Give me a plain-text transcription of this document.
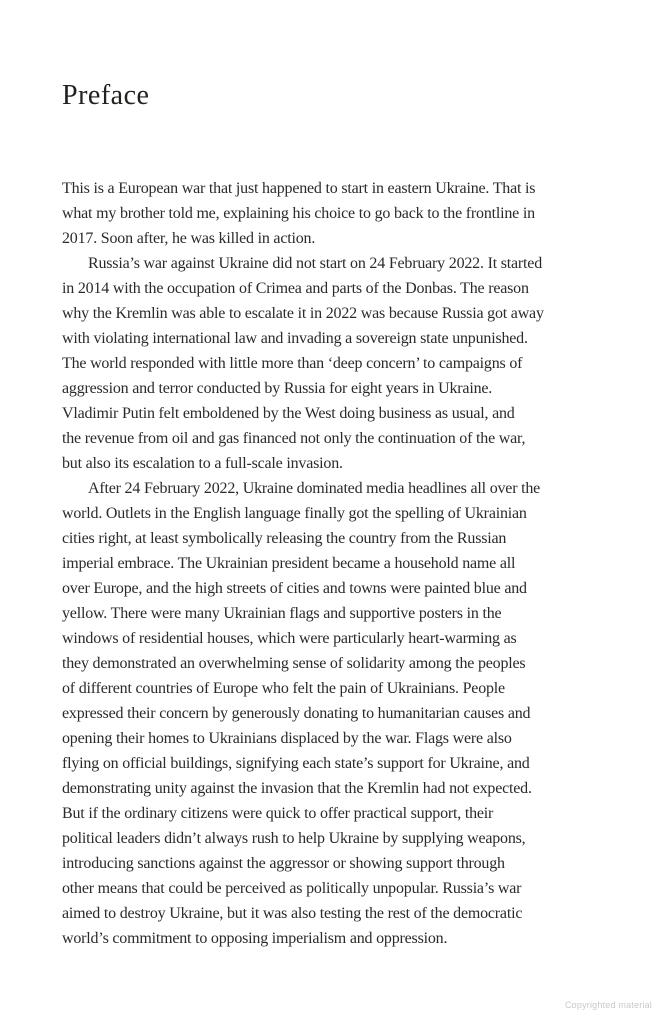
Preface
This is a European war that just happened to start in eastern Ukraine. That is
what my brother told me, explaining his choice to go back to the frontline in
2017. Soon after, he was killed in action.
Russia’s war against Ukraine did not start on 24 February 2022. It started
in 2014 with the occupation of Crimea and parts of the Donbas. The reason
why the Kremlin was able to escalate it in 2022 was because Russia got away
with violating international law and invading a sovereign state unpunished.
The world responded with little more than ‘deep concern’ to campaigns of
aggression and terror conducted by Russia for eight years in Ukraine.
Vladimir Putin felt emboldened by the West doing business as usual, and
the revenue from oil and gas financed not only the continuation of the war,
but also its escalation to a full-scale invasion.
After 24 February 2022, Ukraine dominated media headlines all over the
world. Outlets in the English language finally got the spelling of Ukrainian
cities right, at least symbolically releasing the country from the Russian
imperial embrace. The Ukrainian president became a household name all
over Europe, and the high streets of cities and towns were painted blue and
yellow. There were many Ukrainian flags and supportive posters in the
windows of residential houses, which were particularly heart-warming as
they demonstrated an overwhelming sense of solidarity among the peoples
of different countries of Europe who felt the pain of Ukrainians. People
expressed their concern by generously donating to humanitarian causes and
opening their homes to Ukrainians displaced by the war. Flags were also
flying on official buildings, signifying each state’s support for Ukraine, and
demonstrating unity against the invasion that the Kremlin had not expected.
But if the ordinary citizens were quick to offer practical support, their
political leaders didn’t always rush to help Ukraine by supplying weapons,
introducing sanctions against the aggressor or showing support through
other means that could be perceived as politically unpopular. Russia’s war
aimed to destroy Ukraine, but it was also testing the rest of the democratic
world’s commitment to opposing imperialism and oppression.
Copyrighted material
